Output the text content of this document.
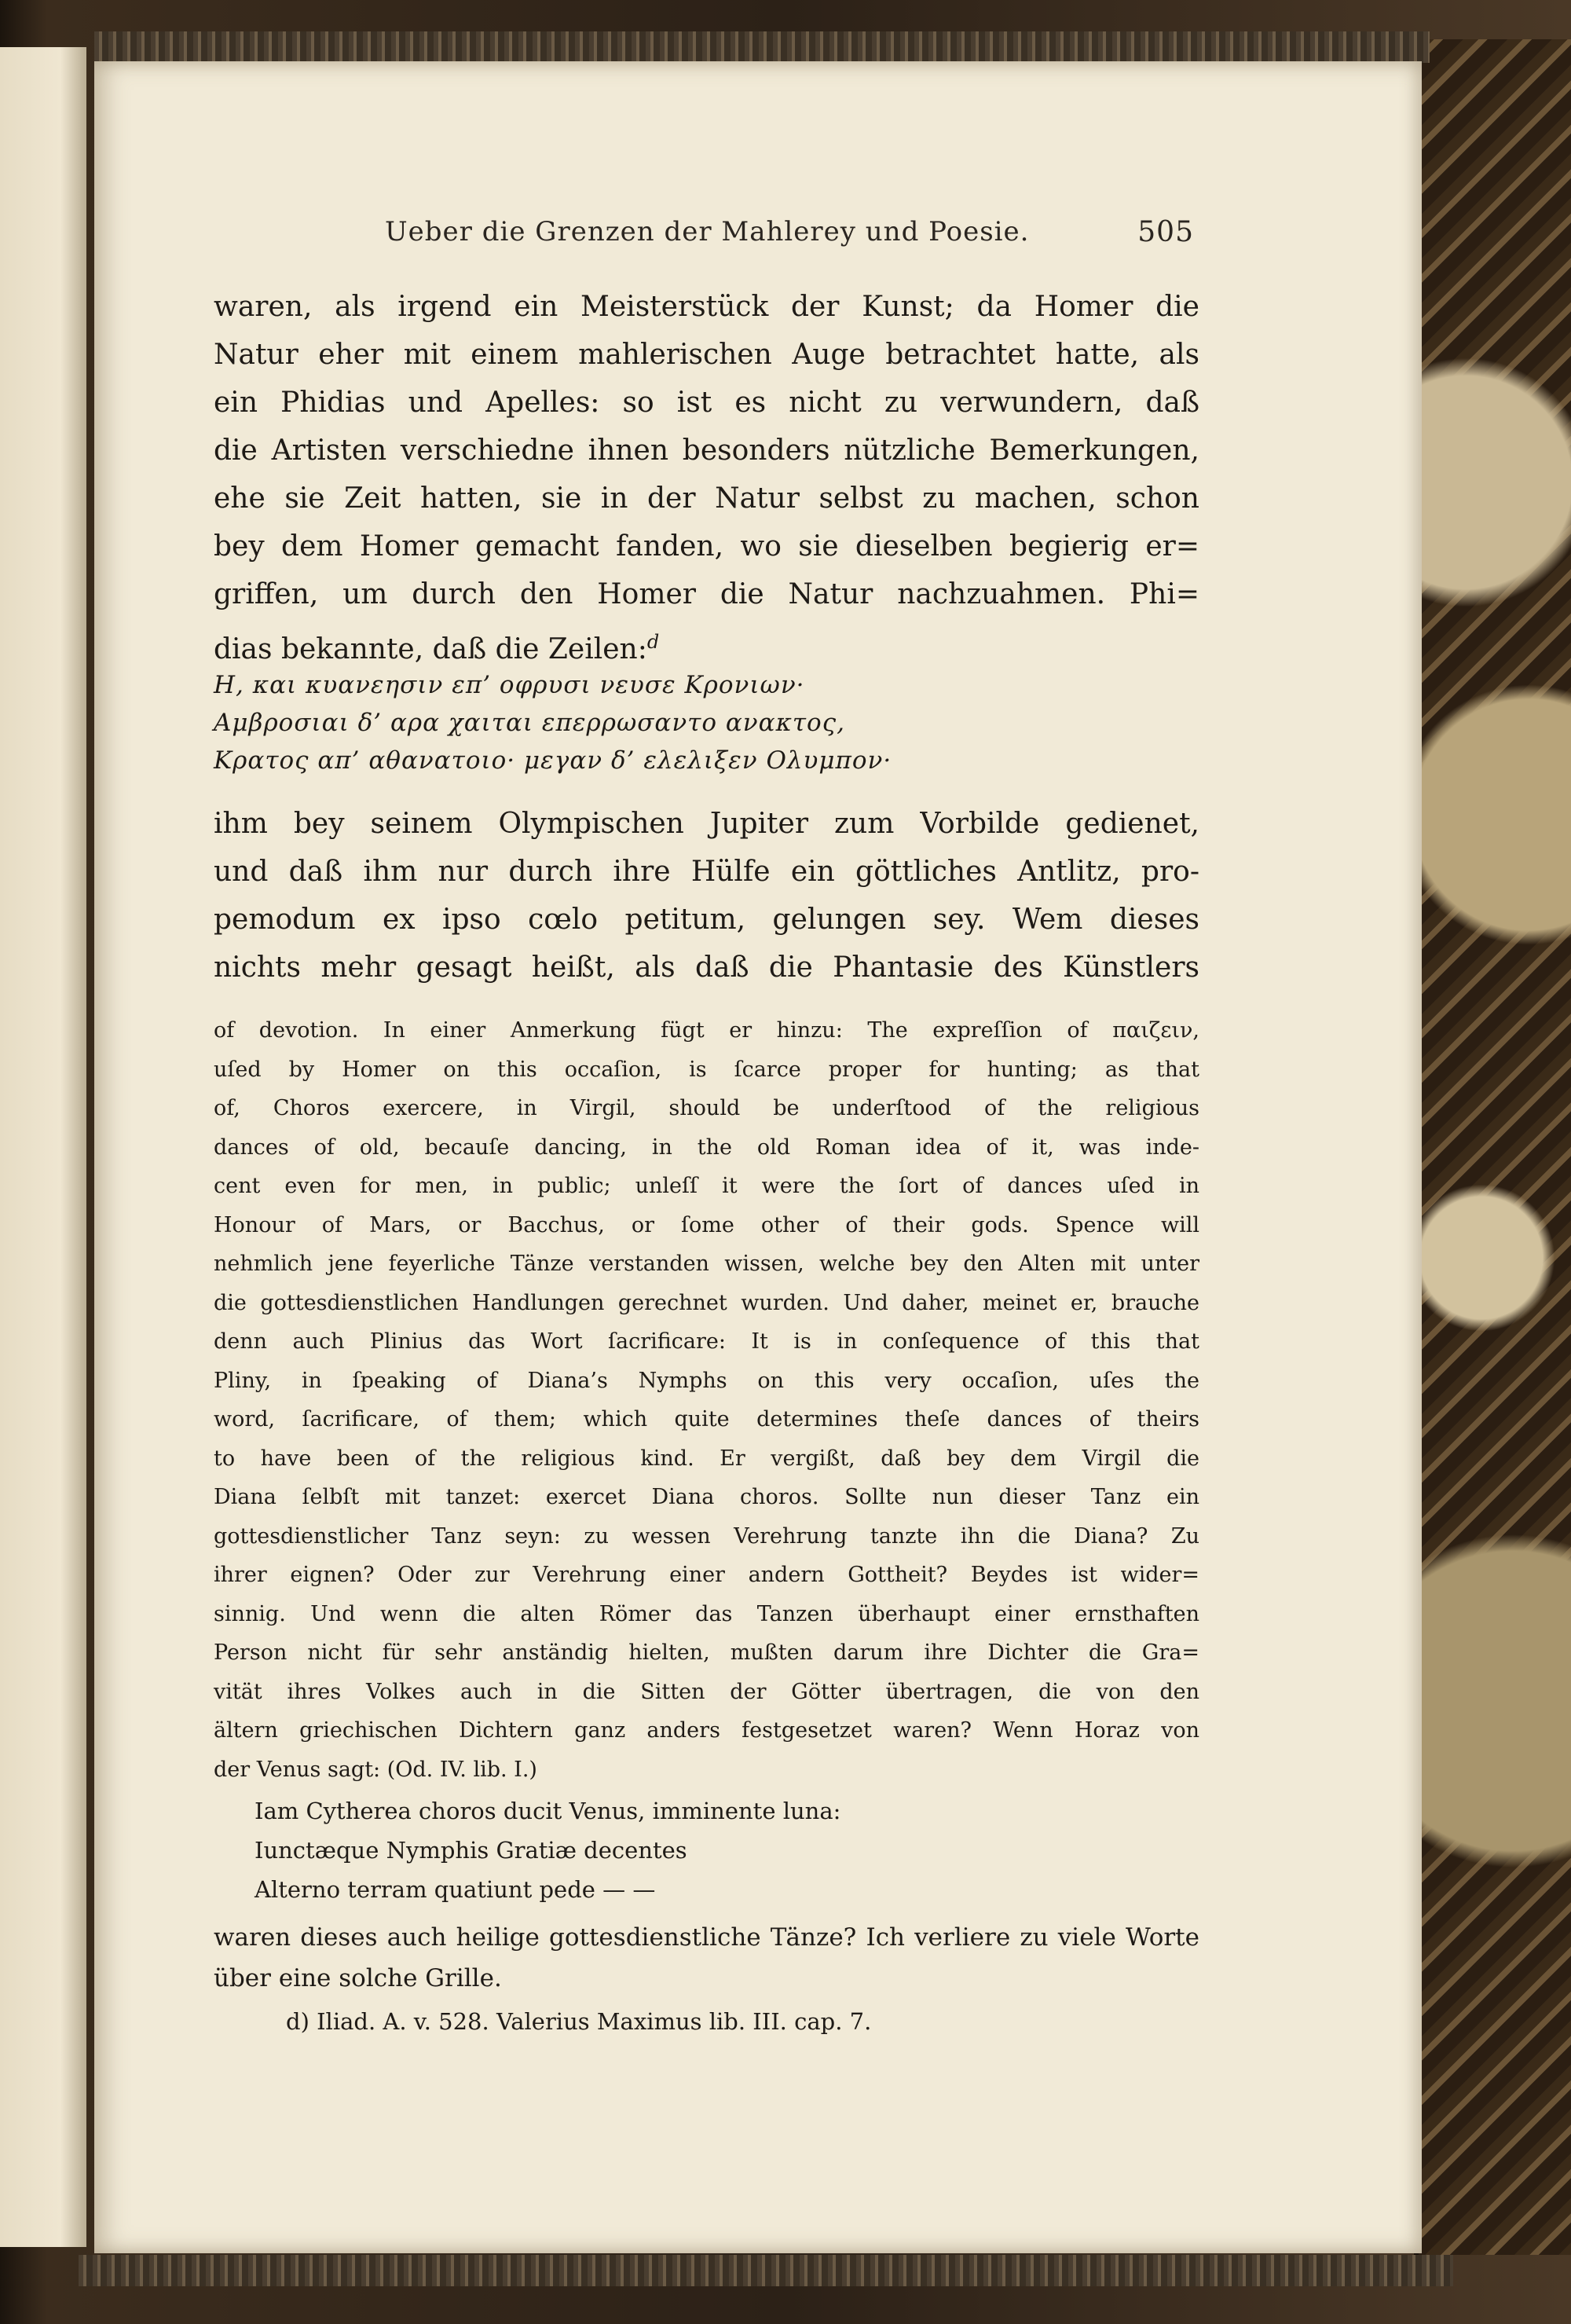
Ueber die Grenzen der Mahlerey und Poesie.	505
waren, als irgend ein Meisterstück der Kunst; da Homer die
Natur eher mit einem mahlerischen Auge betrachtet hatte, als
ein Phidias und Apelles: so ist es nicht zu verwundern, daß
die Artisten verschiedne ihnen besonders nützliche Bemerkungen,
ehe sie Zeit hatten, sie in der Natur selbst zu machen, schon
bey dem Homer gemacht fanden, wo sie dieselben begierig er=
griffen, um durch den Homer die Natur nachzuahmen. Phi=
dias bekannte, daß die Zeilen:$^d$
Η, και κυανεησιν επ’ οφρυσι νευσε Κρονιων·
Αμβροσιαι δ’ αρα χαιται επερρωσαντο ανακτος,
Κρατος απ’ αθανατοιο· μεγαν δ’ ελελιξεν Ολυμπον·
ihm bey seinem Olympischen Jupiter zum Vorbilde gedienet,
und daß ihm nur durch ihre Hülfe ein göttliches Antlitz, pro-
pemodum ex ipso cœlo petitum, gelungen sey. Wem dieses
nichts mehr gesagt heißt, als daß die Phantasie des Künstlers
of devotion. In einer Anmerkung fügt er hinzu: The expreſſion of παιζειν,
uſed by Homer on this occaſion, is ſcarce proper for hunting; as that
of, Choros exercere, in Virgil, should be underſtood of the religious
dances of old, becauſe dancing, in the old Roman idea of it, was inde-
cent even for men, in public; unleſſ it were the ſort of dances uſed in
Honour of Mars, or Bacchus, or ſome other of their gods. Spence will
nehmlich jene feyerliche Tänze verstanden wissen, welche bey den Alten mit unter
die gottesdienstlichen Handlungen gerechnet wurden. Und daher, meinet er, brauche
denn auch Plinius das Wort ſacrificare: It is in conſequence of this that
Pliny, in ſpeaking of Diana’s Nymphs on this very occaſion, uſes the
word, ſacrificare, of them; which quite determines theſe dances of theirs
to have been of the religious kind. Er vergißt, daß bey dem Virgil die
Diana ſelbſt mit tanzet: exercet Diana choros. Sollte nun dieser Tanz ein
gottesdienstlicher Tanz seyn: zu wessen Verehrung tanzte ihn die Diana? Zu
ihrer eignen? Oder zur Verehrung einer andern Gottheit? Beydes ist wider=
sinnig. Und wenn die alten Römer das Tanzen überhaupt einer ernsthaften
Person nicht für sehr anständig hielten, mußten darum ihre Dichter die Gra=
vität ihres Volkes auch in die Sitten der Götter übertragen, die von den
ältern griechischen Dichtern ganz anders festgesetzet waren? Wenn Horaz von
der Venus sagt: (Od. IV. lib. I.)
Iam Cytherea choros ducit Venus, imminente luna:
Iunctæque Nymphis Gratiæ decentes
Alterno terram quatiunt pede — —
waren dieses auch heilige gottesdienstliche Tänze? Ich verliere zu viele Worte
über eine solche Grille.
d) Iliad. A. v. 528. Valerius Maximus lib. III. cap. 7.
